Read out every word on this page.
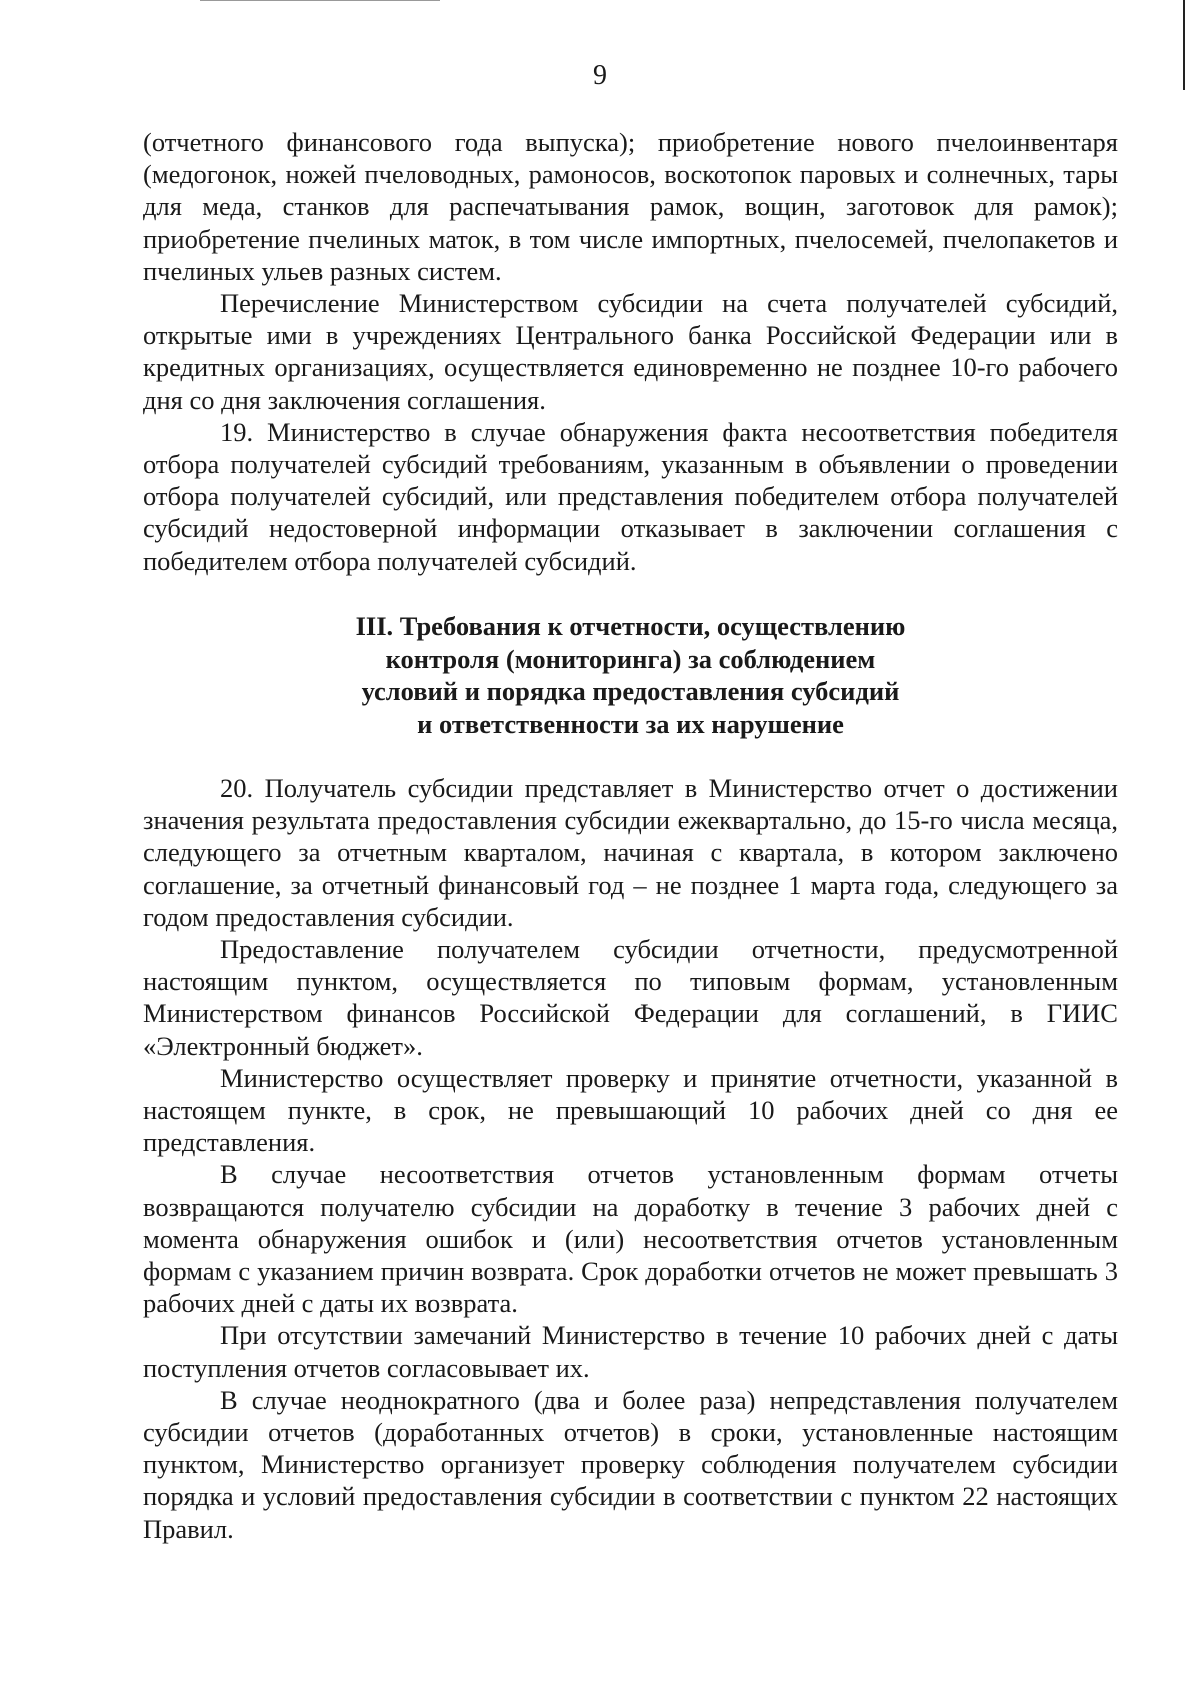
9

(отчетного финансового года выпуска); приобретение нового пчелоинвентаря (медогонок, ножей пчеловодных, рамоносов, воскотопок паровых и солнечных, тары для меда, станков для распечатывания рамок, вощин, заготовок для рамок); приобретение пчелиных маток, в том числе импортных, пчелосемей, пчелопакетов и пчелиных ульев разных систем.

Перечисление Министерством субсидии на счета получателей субсидий, открытые ими в учреждениях Центрального банка Российской Федерации или в кредитных организациях, осуществляется единовременно не позднее 10-го рабочего дня со дня заключения соглашения.

19. Министерство в случае обнаружения факта несоответствия победителя отбора получателей субсидий требованиям, указанным в объявлении о проведении отбора получателей субсидий, или представления победителем отбора получателей субсидий недостоверной информации отказывает в заключении соглашения с победителем отбора получателей субсидий.

III. Требования к отчетности, осуществлению
контроля (мониторинга) за соблюдением
условий и порядка предоставления субсидий
и ответственности за их нарушение

20. Получатель субсидии представляет в Министерство отчет о достижении значения результата предоставления субсидии ежеквартально, до 15-го числа месяца, следующего за отчетным кварталом, начиная с квартала, в котором заключено соглашение, за отчетный финансовый год – не позднее 1 марта года, следующего за годом предоставления субсидии.

Предоставление получателем субсидии отчетности, предусмотренной настоящим пунктом, осуществляется по типовым формам, установленным Министерством финансов Российской Федерации для соглашений, в ГИИС «Электронный бюджет».

Министерство осуществляет проверку и принятие отчетности, указанной в настоящем пункте, в срок, не превышающий 10 рабочих дней со дня ее представления.

В случае несоответствия отчетов установленным формам отчеты возвращаются получателю субсидии на доработку в течение 3 рабочих дней с момента обнаружения ошибок и (или) несоответствия отчетов установленным формам с указанием причин возврата. Срок доработки отчетов не может превышать 3 рабочих дней с даты их возврата.

При отсутствии замечаний Министерство в течение 10 рабочих дней с даты поступления отчетов согласовывает их.

В случае неоднократного (два и более раза) непредставления получателем субсидии отчетов (доработанных отчетов) в сроки, установленные настоящим пунктом, Министерство организует проверку соблюдения получателем субсидии порядка и условий предоставления субсидии в соответствии с пунктом 22 настоящих Правил.
